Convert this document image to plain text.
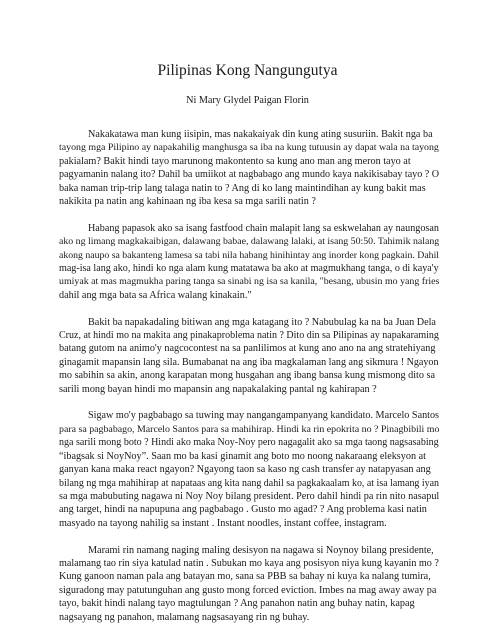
Pilipinas Kong Nangungutya
Ni Mary Glydel Paigan Florin
Nakakatawa man kung iisipin, mas nakakaiyak din kung ating susuriin. Bakit nga ba
tayong mga Pilipino ay napakahilig manghusga sa iba na kung tutuusin ay dapat wala na tayong
pakialam? Bakit hindi tayo marunong makontento sa kung ano man ang meron tayo at
pagyamanin nalang ito? Dahil ba umiikot at nagbabago ang mundo kaya nakikisabay tayo ? O
baka naman trip-trip lang talaga natin to ? Ang di ko lang maintindihan ay kung bakit mas
nakikita pa natin ang kahinaan ng iba kesa sa mga sarili natin ?
Habang papasok ako sa isang fastfood chain malapit lang sa eskwelahan ay naungosan
ako ng limang magkakaibigan, dalawang babae, dalawang lalaki, at isang 50:50. Tahimik nalang
akong naupo sa bakanteng lamesa sa tabi nila habang hinihintay ang inorder kong pagkain. Dahil
mag-isa lang ako, hindi ko nga alam kung matatawa ba ako at magmukhang tanga, o di kaya'y
umiyak at mas magmukha paring tanga sa sinabi ng isa sa kanila, "besang, ubusin mo yang fries
dahil ang mga bata sa Africa walang kinakain."
Bakit ba napakadaling bitiwan ang mga katagang ito ? Nabubulag ka na ba Juan Dela
Cruz, at hindi mo na makita ang pinakaproblema natin ? Dito din sa Pilipinas ay napakaraming
batang gutom na animo'y nagcocontest na sa panlilimos at kung ano ano na ang stratehiyang
ginagamit mapansin lang sila. Bumabanat na ang iba magkalaman lang ang sikmura ! Ngayon
mo sabihin sa akin, anong karapatan mong husgahan ang ibang bansa kung mismong dito sa
sarili mong bayan hindi mo mapansin ang napakalaking pantal ng kahirapan ?
Sigaw mo'y pagbabago sa tuwing may nangangampanyang kandidato. Marcelo Santos
para sa pagbabago, Marcelo Santos para sa mahihirap. Hindi ka rin epokrita no ? Pinagbibili mo
nga sarili mong boto ? Hindi ako maka Noy-Noy pero nagagalit ako sa mga taong nagsasabing
“ibagsak si NoyNoy”. Saan mo ba kasi ginamit ang boto mo noong nakaraang eleksyon at
ganyan kana maka react ngayon? Ngayong taon sa kaso ng cash transfer ay natapyasan ang
bilang ng mga mahihirap at napataas ang kita nang dahil sa pagkakaalam ko, at isa lamang iyan
sa mga mabubuting nagawa ni Noy Noy bilang president. Pero dahil hindi pa rin nito nasapul
ang target, hindi na napupuna ang pagbabago . Gusto mo agad? ? Ang problema kasi natin
masyado na tayong nahilig sa instant . Instant noodles, instant coffee, instagram.
Marami rin namang naging maling desisyon na nagawa si Noynoy bilang presidente,
malamang tao rin siya katulad natin . Subukan mo kaya ang posisyon niya kung kayanin mo ?
Kung ganoon naman pala ang batayan mo, sana sa PBB sa bahay ni kuya ka nalang tumira,
siguradong may patutunguhan ang gusto mong forced eviction. Imbes na mag away away pa
tayo, bakit hindi nalang tayo magtulungan ? Ang panahon natin ang buhay natin, kapag
nagsayang ng panahon, malamang nagsasayang rin ng buhay.
